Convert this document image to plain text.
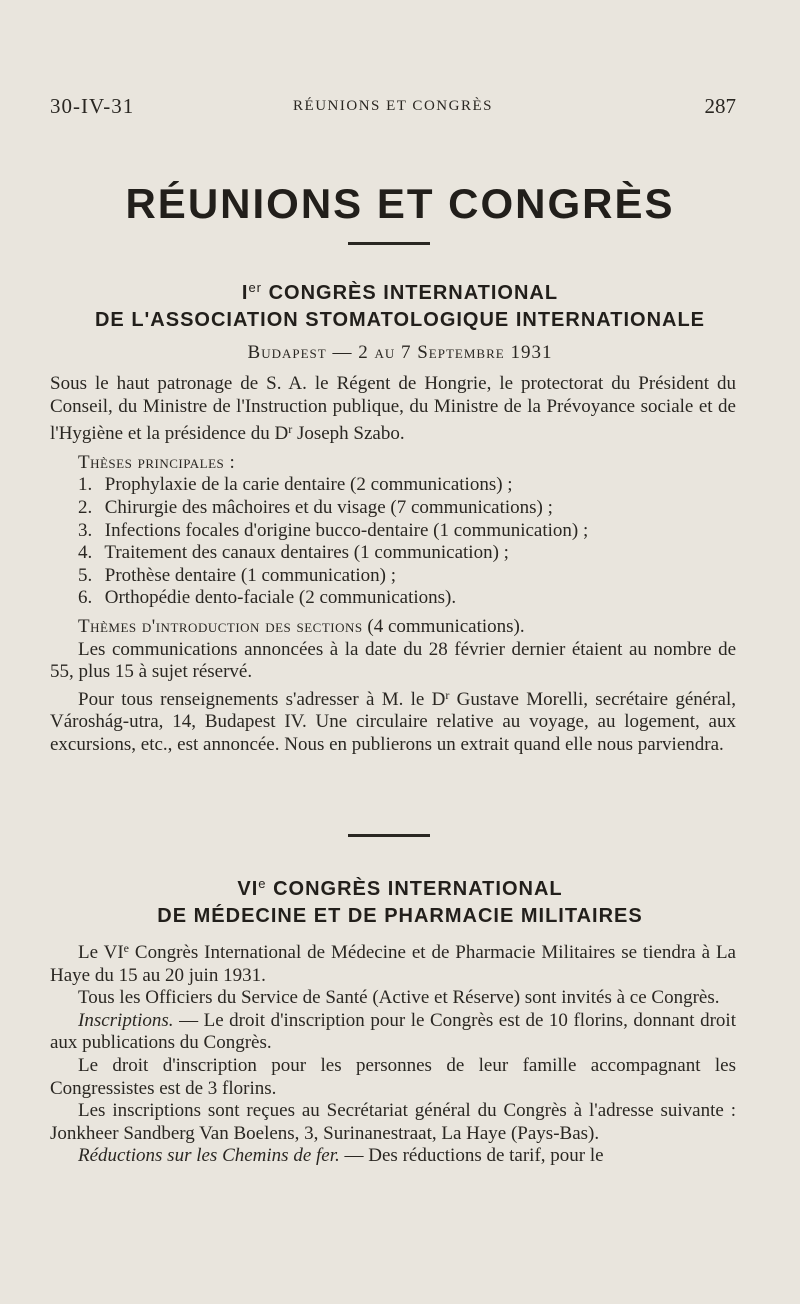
30-IV-31	RÉUNIONS ET CONGRÈS	287
RÉUNIONS ET CONGRÈS
Ier CONGRÈS INTERNATIONAL
DE L'ASSOCIATION STOMATOLOGIQUE INTERNATIONALE
Budapest — 2 au 7 Septembre 1931

Sous le haut patronage de S. A. le Régent de Hongrie, le protectorat du Président du Conseil, du Ministre de l'Instruction publique, du Ministre de la Prévoyance sociale et de l'Hygiène et la présidence du $D^r$ Joseph Szabo.

Thèses principales :

1. Prophylaxie de la carie dentaire (2 communications) ;
2. Chirurgie des mâchoires et du visage (7 communications) ;
3. Infections focales d'origine bucco-dentaire (1 communication) ;
4. Traitement des canaux dentaires (1 communication) ;
5. Prothèse dentaire (1 communication) ;
6. Orthopédie dento-faciale (2 communications).

Thèmes d'introduction des sections (4 communications).

Les communications annoncées à la date du 28 février dernier étaient au nombre de 55, plus 15 à sujet réservé.

Pour tous renseignements s'adresser à M. le $D^r$ Gustave Morelli, secrétaire général, Városhág-utra, 14, Budapest IV. Une circulaire relative au voyage, au logement, aux excursions, etc., est annoncée. Nous en publierons un extrait quand elle nous parviendra.

VIe CONGRÈS INTERNATIONAL
DE MÉDECINE ET DE PHARMACIE MILITAIRES

Le VIe Congrès International de Médecine et de Pharmacie Militaires se tiendra à La Haye du 15 au 20 juin 1931.

Tous les Officiers du Service de Santé (Active et Réserve) sont invités à ce Congrès.

Inscriptions. — Le droit d'inscription pour le Congrès est de 10 florins, donnant droit aux publications du Congrès.

Le droit d'inscription pour les personnes de leur famille accompagnant les Congressistes est de 3 florins.

Les inscriptions sont reçues au Secrétariat général du Congrès à l'adresse suivante : Jonkheer Sandberg Van Boelens, 3, Surinanestraat, La Haye (Pays-Bas).

Réductions sur les Chemins de fer. — Des réductions de tarif, pour le
